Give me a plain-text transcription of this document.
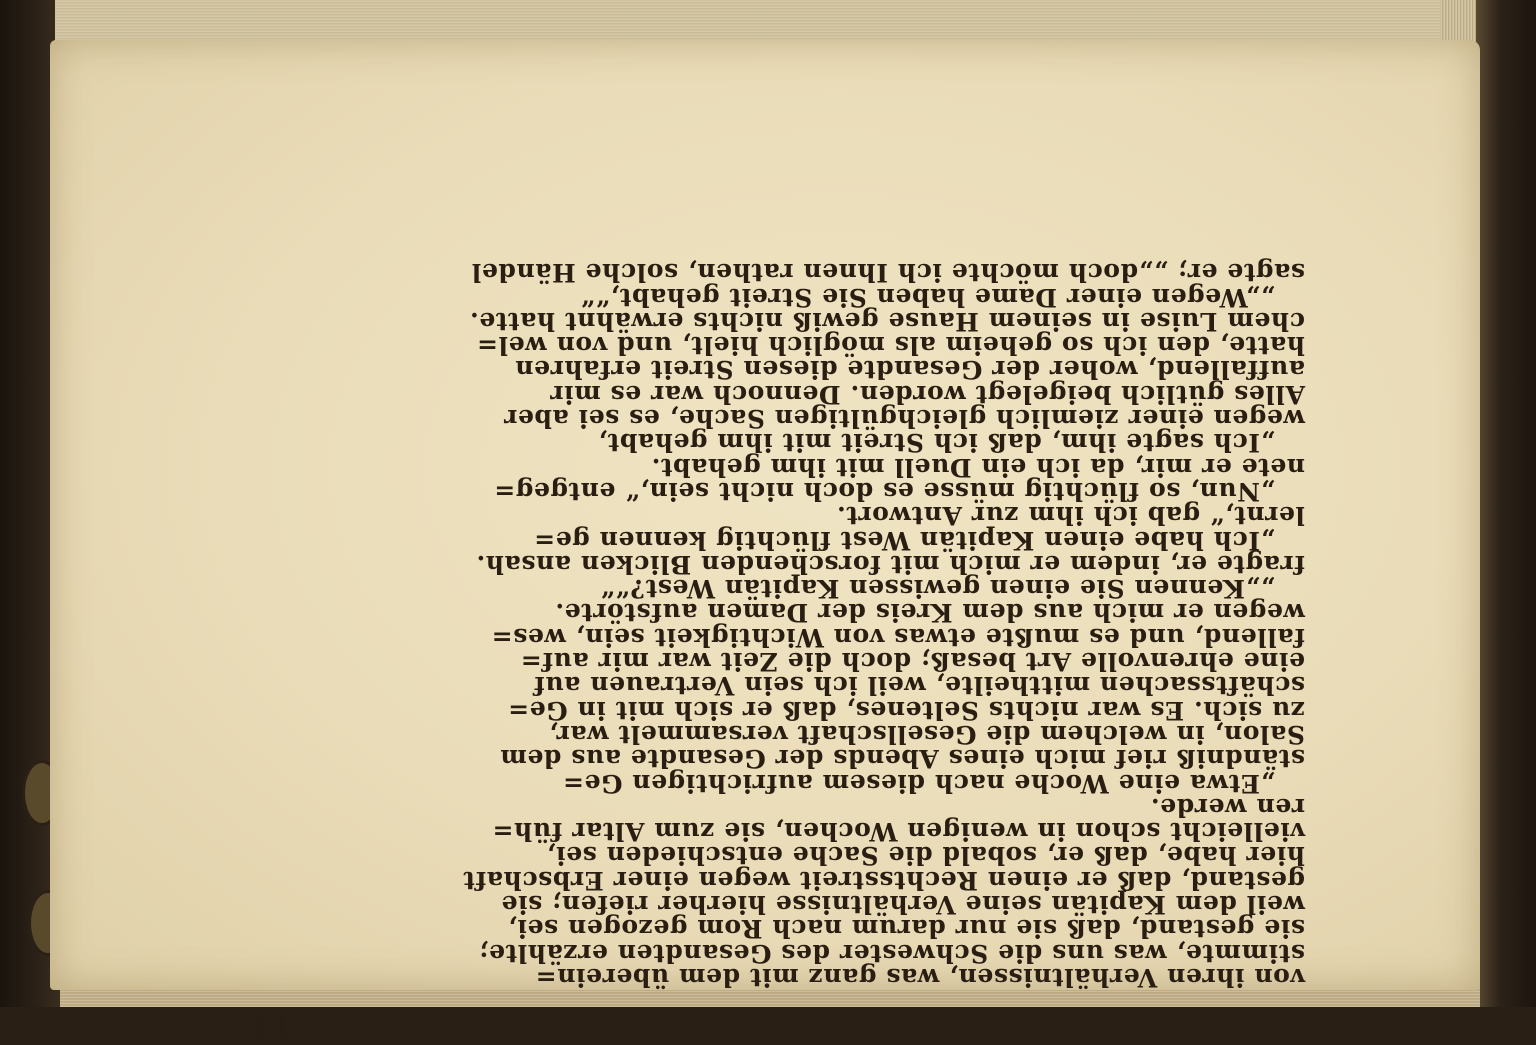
142
von ihren Verhältnissen, was ganz mit dem überein=
stimmte, was uns die Schwester des Gesandten erzählte;
sie gestand, daß sie nur darum nach Rom gezogen sei,
weil dem Kapitän seine Verhältnisse hierher riefen; sie
gestand, daß er einen Rechtsstreit wegen einer Erbschaft
hier habe, daß er, sobald die Sache entschieden sei,
vielleicht schon in wenigen Wochen, sie zum Altar füh=
ren werde.
„Etwa eine Woche nach diesem aufrichtigen Ge=
ständniß rief mich eines Abends der Gesandte aus dem
Salon, in welchem die Gesellschaft versammelt war,
zu sich. Es war nichts Seltenes, daß er sich mit in Ge=
schäftssachen mittheilte, weil ich sein Vertrauen auf
eine ehrenvolle Art besaß; doch die Zeit war mir auf=
fallend, und es mußte etwas von Wichtigkeit sein, wes=
wegen er mich aus dem Kreis der Damen aufstörte.
„„Kennen Sie einen gewissen Kapitän West?““
fragte er, indem er mich mit forschenden Blicken ansah.
„Ich habe einen Kapitän West flüchtig kennen ge=
lernt,“ gab ich ihm zur Antwort.
„Nun, so flüchtig müsse es doch nicht sein,“ entgeg=
nete er mir, da ich ein Duell mit ihm gehabt.
„Ich sagte ihm, daß ich Streit mit ihm gehabt,
wegen einer ziemlich gleichgültigen Sache, es sei aber
Alles gütlich beigelegt worden. Dennoch war es mir
auffallend, woher der Gesandte diesen Streit erfahren
hatte, den ich so geheim als möglich hielt, und von wel=
chem Luise in seinem Hause gewiß nichts erwähnt hatte.
„„Wegen einer Dame haben Sie Streit gehabt,““
sagte er; „„doch möchte ich Ihnen rathen, solche Händel
